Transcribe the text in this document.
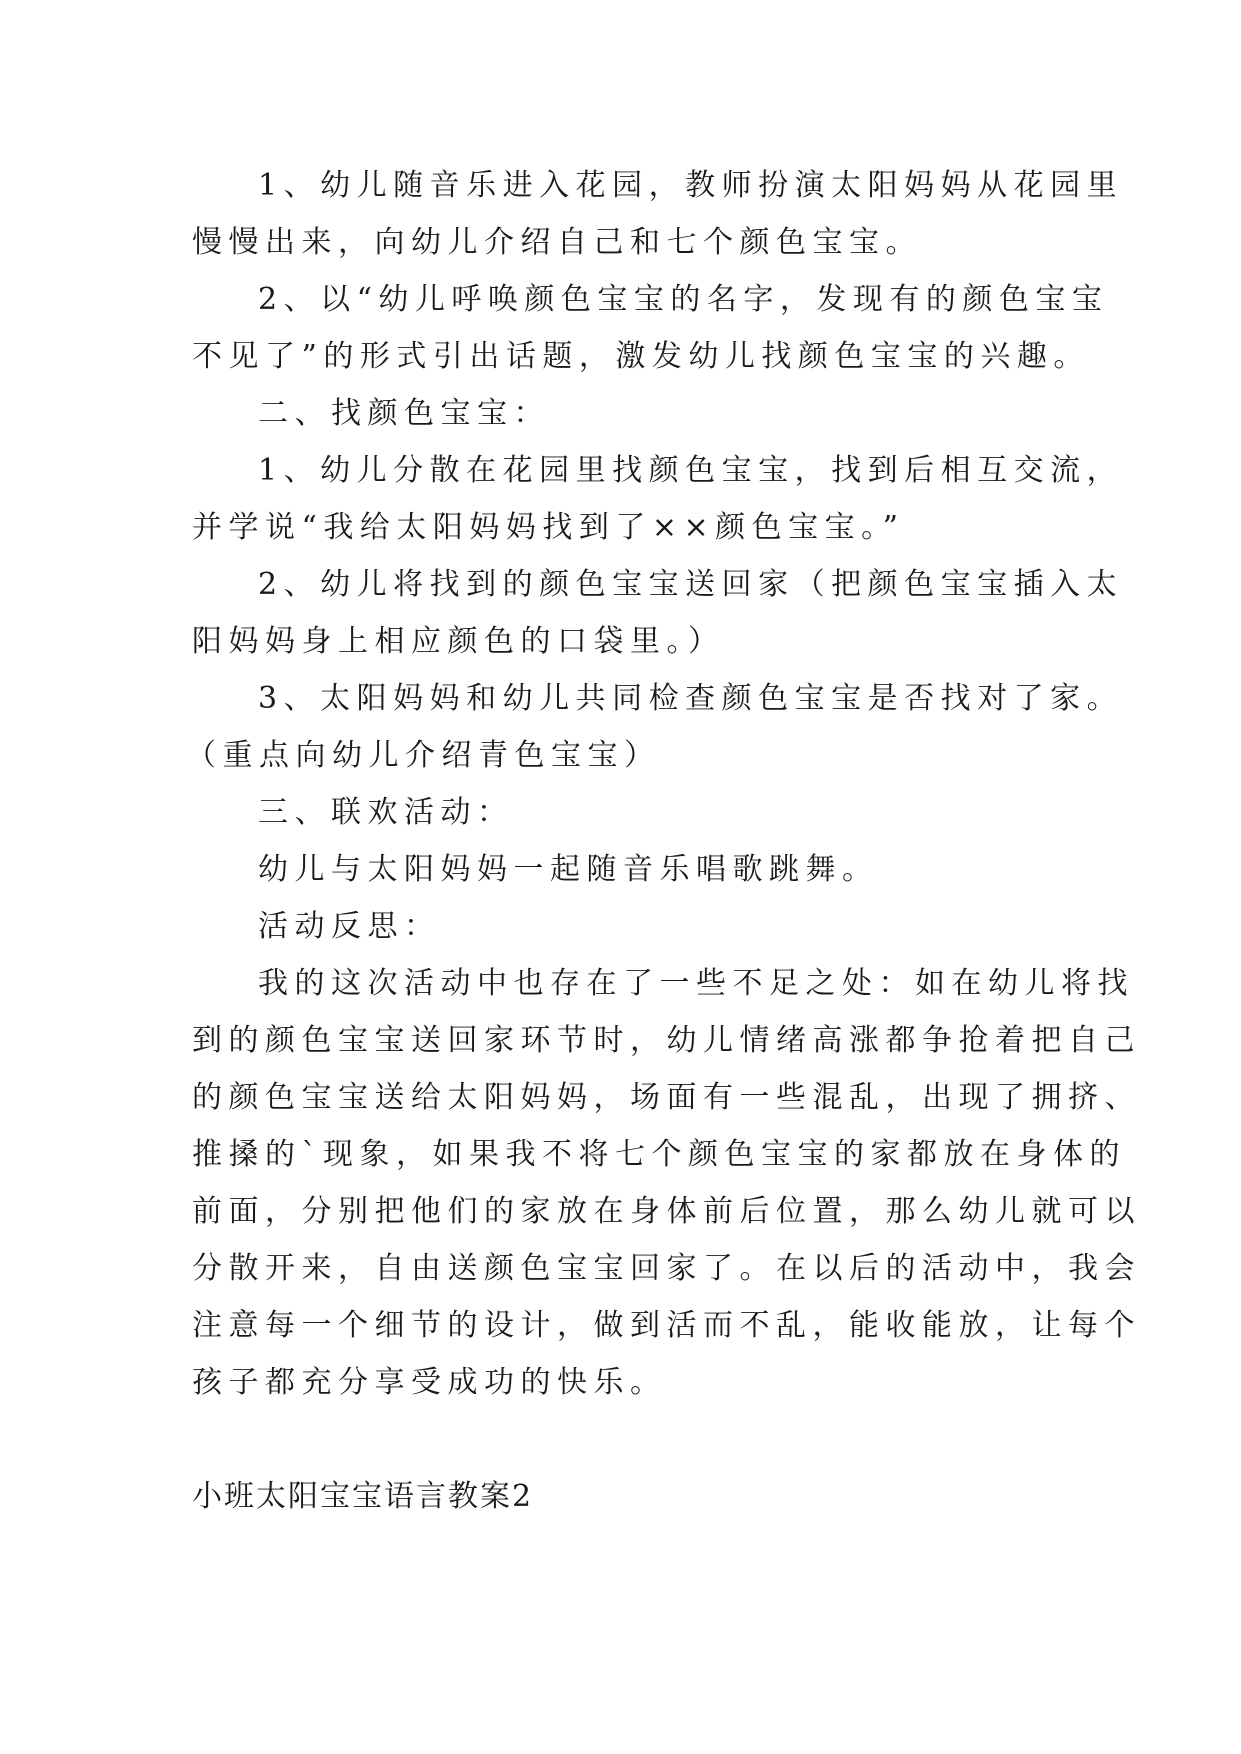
1、幼儿随音乐进入花园，教师扮演太阳妈妈从花园里
慢慢出来，向幼儿介绍自己和七个颜色宝宝。
2、以“幼儿呼唤颜色宝宝的名字，发现有的颜色宝宝
不见了”的形式引出话题，激发幼儿找颜色宝宝的兴趣。
二、找颜色宝宝：
1、幼儿分散在花园里找颜色宝宝，找到后相互交流，
并学说“我给太阳妈妈找到了××颜色宝宝。”
2、幼儿将找到的颜色宝宝送回家（把颜色宝宝插入太
阳妈妈身上相应颜色的口袋里。）
3、太阳妈妈和幼儿共同检查颜色宝宝是否找对了家。
（重点向幼儿介绍青色宝宝）
三、联欢活动：
幼儿与太阳妈妈一起随音乐唱歌跳舞。
活动反思：
我的这次活动中也存在了一些不足之处：如在幼儿将找
到的颜色宝宝送回家环节时，幼儿情绪高涨都争抢着把自己
的颜色宝宝送给太阳妈妈，场面有一些混乱，出现了拥挤、
推搡的`现象，如果我不将七个颜色宝宝的家都放在身体的
前面，分别把他们的家放在身体前后位置，那么幼儿就可以
分散开来，自由送颜色宝宝回家了。在以后的活动中，我会
注意每一个细节的设计，做到活而不乱，能收能放，让每个
孩子都充分享受成功的快乐。
小班太阳宝宝语言教案2
